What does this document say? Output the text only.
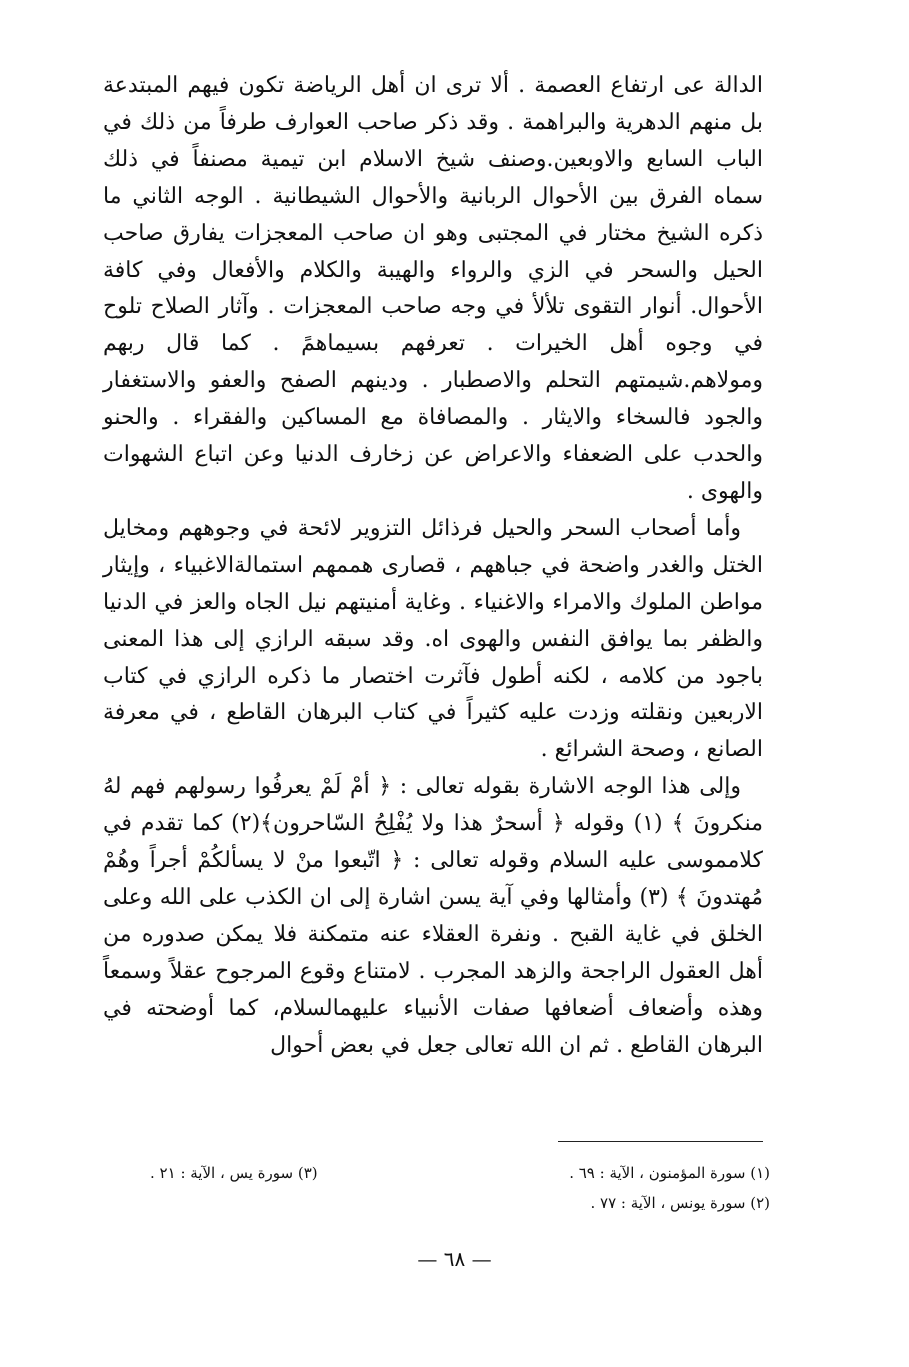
الدالة عى ارتفاع العصمة . ألا ترى ان أهل الرياضة تكون فيهم المبتدعة بل منهم الدهرية والبراهمة . وقد ذكر صاحب العوارف طرفاً من ذلك في الباب السابع والاوبعين.وصنف شيخ الاسلام ابن تيمية مصنفاً في ذلك سماه الفرق بين الأحوال الربانية والأحوال الشيطانية . الوجه الثاني ما ذكره الشيخ مختار في المجتبى وهو ان صاحب المعجزات يفارق صاحب الحيل والسحر في الزي والرواء والهيبة والكلام والأفعال وفي كافة الأحوال. أنوار التقوى تلألأ في وجه صاحب المعجزات . وآثار الصلاح تلوح في وجوه أهل الخيرات . تعرفهم بسيماهمً . كما قال ربهم ومولاهم.شيمتهم التحلم والاصطبار . ودينهم الصفح والعفو والاستغفار والجود فالسخاء والايثار . والمصافاة مع المساكين والفقراء . والحنو والحدب على الضعفاء والاعراض عن زخارف الدنيا وعن اتباع الشهوات والهوى .

وأما أصحاب السحر والحيل فرذائل التزوير لائحة في وجوههم ومخايل الختل والغدر واضحة في جباههم ، قصارى هممهم استمالةالاغبياء ، وإيثار مواطن الملوك والامراء والاغنياء . وغاية أمنيتهم نيل الجاه والعز في الدنيا والظفر بما يوافق النفس والهوى اه. وقد سبقه الرازي إلى هذا المعنى باجود من كلامه ، لكنه أطول فآثرت اختصار ما ذكره الرازي في كتاب الاربعين ونقلته وزدت عليه كثيراً في كتاب البرهان القاطع ، في معرفة الصانع ، وصحة الشرائع .

وإلى هذا الوجه الاشارة بقوله تعالى : ﴿ أمْ لَمْ يعرفُوا رسولهم فهم لهُ منكرونَ ﴾ (١) وقوله ﴿ أسحرٌ هذا ولا يُفْلِحُ السّاحرون﴾(٢) كما تقدم في كلامموسى عليه السلام وقوله تعالى : ﴿ اتّبعوا منْ لا يسألكُمْ أجراً وهُمْ مُهتدونَ ﴾ (٣) وأمثالها وفي آية يسن اشارة إلى ان الكذب على الله وعلى الخلق في غاية القبح . ونفرة العقلاء عنه متمكنة فلا يمكن صدوره من أهل العقول الراجحة والزهد المجرب . لامتناع وقوع المرجوح عقلاً وسمعاً وهذه وأضعاف أضعافها صفات الأنبياء عليهمالسلام، كما أوضحته في البرهان القاطع . ثم ان الله تعالى جعل في بعض أحوال

(١) سورة المؤمنون ، الآية : ٦٩ .
(٢) سورة يونس ، الآية : ٧٧ .
(٣) سورة يس ، الآية : ٢١ .
— ٦٨ —
